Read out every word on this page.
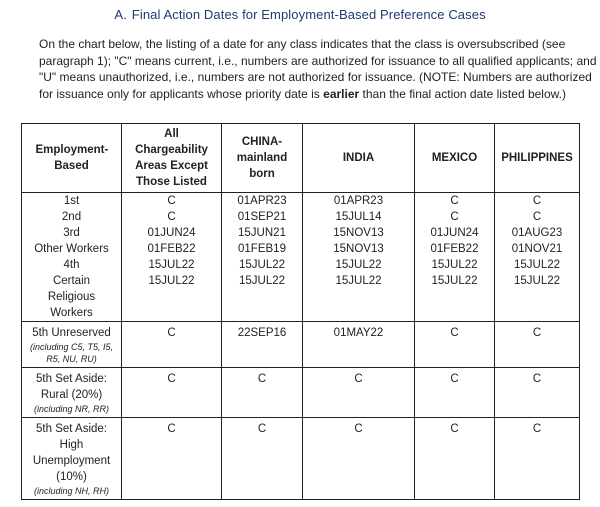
A. Final Action Dates for Employment-Based Preference Cases
On the chart below, the listing of a date for any class indicates that the class is oversubscribed (see paragraph 1); "C" means current, i.e., numbers are authorized for issuance to all qualified applicants; and "U" means unauthorized, i.e., numbers are not authorized for issuance. (NOTE: Numbers are authorized for issuance only for applicants whose priority date is earlier than the final action date listed below.)
Employment-Based	All Chargeability Areas Except Those Listed	CHINA-mainland born	INDIA	MEXICO	PHILIPPINES

1st	C	01APR23	01APR23	C	C

2nd	C	01SEP21	15JUL14	C	C

3rd	01JUN24	15JUN21	15NOV13	01JUN24	01AUG23

Other Workers	01FEB22	01FEB19	15NOV13	01FEB22	01NOV21

4th	15JUL22	15JUL22	15JUL22	15JUL22	15JUL22

Certain Religious Workers	15JUL22	15JUL22	15JUL22	15JUL22	15JUL22

5th Unreserved
(including C5, T5, I5, R5, NU, RU)	C	22SEP16	01MAY22	C	C

5th Set Aside: Rural (20%)
(including NR, RR)	C	C	C	C	C

5th Set Aside: High Unemployment (10%)
(including NH, RH)	C	C	C	C	C
